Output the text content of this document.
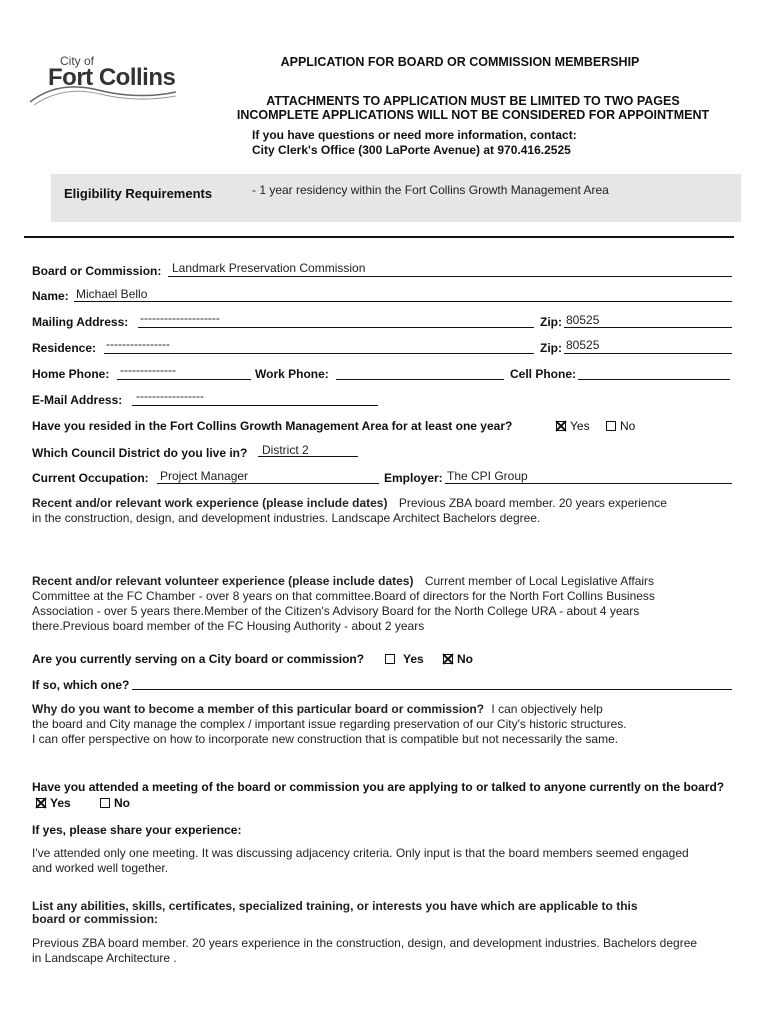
City of
Fort Collins
APPLICATION FOR BOARD OR COMMISSION MEMBERSHIP
ATTACHMENTS TO APPLICATION MUST BE LIMITED TO TWO PAGES
INCOMPLETE APPLICATIONS WILL NOT BE CONSIDERED FOR APPOINTMENT
If you have questions or need more information, contact:
City Clerk's Office (300 LaPorte Avenue) at 970.416.2525
Eligibility Requirements	- 1 year residency within the Fort Collins Growth Management Area
Board or Commission: Landmark Preservation Commission
Name: Michael Bello
Mailing Address: --------------------	Zip: 80525
Residence: ----------------	Zip: 80525
Home Phone: --------------	Work Phone:	Cell Phone:
E-Mail Address: -----------------
Have you resided in the Fort Collins Growth Management Area for at least one year?	Yes	No
Which Council District do you live in? District 2
Current Occupation: Project Manager	Employer: The CPI Group
Recent and/or relevant work experience (please include dates) Previous ZBA board member. 20 years experience
in the construction, design, and development industries. Landscape Architect Bachelors degree.
Recent and/or relevant volunteer experience (please include dates) Current member of Local Legislative Affairs
Committee at the FC Chamber - over 8 years on that committee.Board of directors for the North Fort Collins Business
Association - over 5 years there.Member of the Citizen's Advisory Board for the North College URA - about 4 years
there.Previous board member of the FC Housing Authority - about 2 years
Are you currently serving on a City board or commission?	Yes	No
If so, which one?
Why do you want to become a member of this particular board or commission? I can objectively help
the board and City manage the complex / important issue regarding preservation of our City's historic structures.
I can offer perspective on how to incorporate new construction that is compatible but not necessarily the same.
Have you attended a meeting of the board or commission you are applying to or talked to anyone currently on the board?
Yes	No
If yes, please share your experience:
I've attended only one meeting. It was discussing adjacency criteria. Only input is that the board members seemed engaged
and worked well together.
List any abilities, skills, certificates, specialized training, or interests you have which are applicable to this
board or commission:
Previous ZBA board member. 20 years experience in the construction, design, and development industries. Bachelors degree
in Landscape Architecture .
